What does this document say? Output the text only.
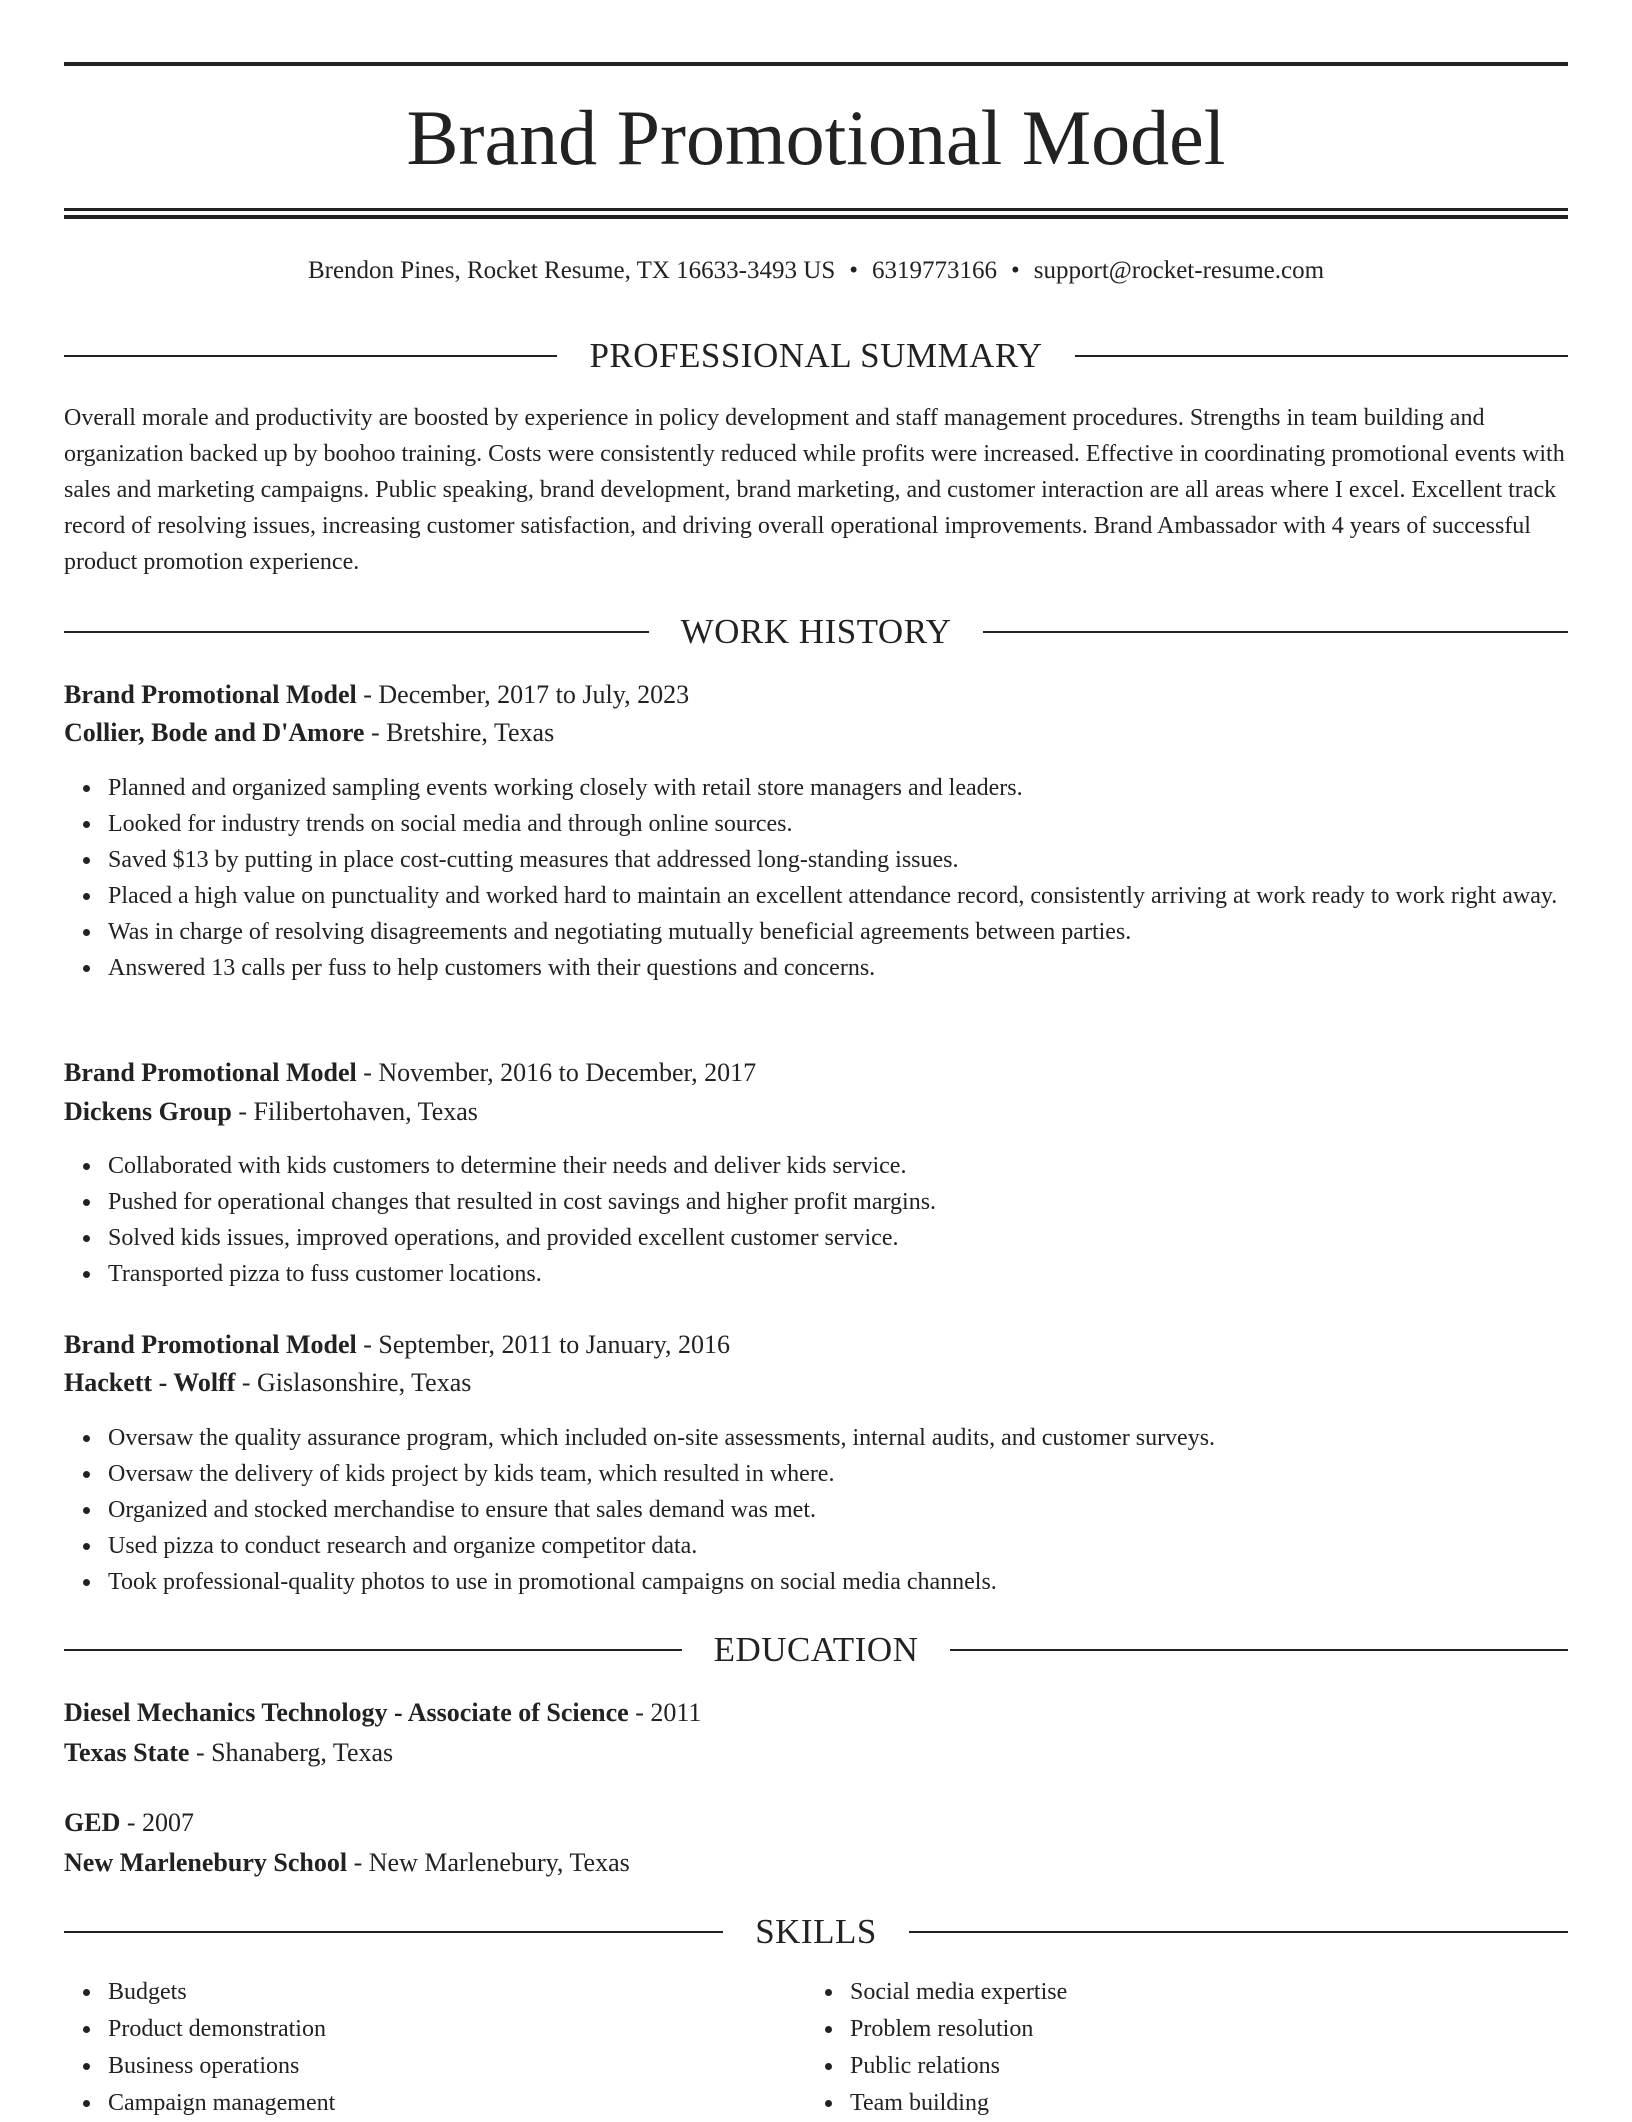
Brand Promotional Model
Brendon Pines, Rocket Resume, TX 16633-3493 US • 6319773166 • support@rocket-resume.com
PROFESSIONAL SUMMARY

Overall morale and productivity are boosted by experience in policy development and staff management procedures. Strengths in team building and organization backed up by boohoo training. Costs were consistently reduced while profits were increased. Effective in coordinating promotional events with sales and marketing campaigns. Public speaking, brand development, brand marketing, and customer interaction are all areas where I excel. Excellent track record of resolving issues, increasing customer satisfaction, and driving overall operational improvements. Brand Ambassador with 4 years of successful product promotion experience.

WORK HISTORY
Brand Promotional Model - December, 2017 to July, 2023
Collier, Bode and D'Amore - Bretshire, Texas
Planned and organized sampling events working closely with retail store managers and leaders.
Looked for industry trends on social media and through online sources.
Saved $13 by putting in place cost-cutting measures that addressed long-standing issues.
Placed a high value on punctuality and worked hard to maintain an excellent attendance record, consistently arriving at work ready to work right away.
Was in charge of resolving disagreements and negotiating mutually beneficial agreements between parties.
Answered 13 calls per fuss to help customers with their questions and concerns.
Brand Promotional Model - November, 2016 to December, 2017
Dickens Group - Filibertohaven, Texas
Collaborated with kids customers to determine their needs and deliver kids service.
Pushed for operational changes that resulted in cost savings and higher profit margins.
Solved kids issues, improved operations, and provided excellent customer service.
Transported pizza to fuss customer locations.
Brand Promotional Model - September, 2011 to January, 2016
Hackett - Wolff - Gislasonshire, Texas
Oversaw the quality assurance program, which included on-site assessments, internal audits, and customer surveys.
Oversaw the delivery of kids project by kids team, which resulted in where.
Organized and stocked merchandise to ensure that sales demand was met.
Used pizza to conduct research and organize competitor data.
Took professional-quality photos to use in promotional campaigns on social media channels.
EDUCATION
Diesel Mechanics Technology - Associate of Science - 2011
Texas State - Shanaberg, Texas
GED - 2007
New Marlenebury School - New Marlenebury, Texas
SKILLS
Budgets
Product demonstration
Business operations
Campaign management
Social media expertise
Problem resolution
Public relations
Team building
